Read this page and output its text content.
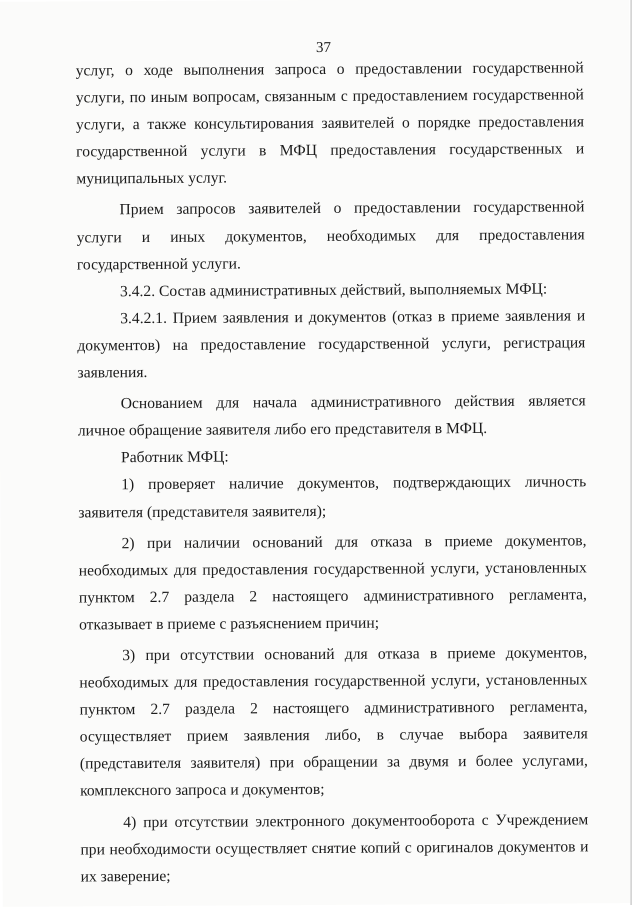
37

услуг, о ходе выполнения запроса о предоставлении государственной услуги, по иным вопросам, связанным с предоставлением государственной услуги, а также консультирования заявителей о порядке предоставления государственной услуги в МФЦ предоставления государственных и муниципальных услуг.

Прием запросов заявителей о предоставлении государственной услуги и иных документов, необходимых для предоставления государственной услуги.

3.4.2. Состав административных действий, выполняемых МФЦ:

3.4.2.1. Прием заявления и документов (отказ в приеме заявления и документов) на предоставление государственной услуги, регистрация заявления.

Основанием для начала административного действия является личное обращение заявителя либо его представителя в МФЦ.

Работник МФЦ:

1) проверяет наличие документов, подтверждающих личность заявителя (представителя заявителя);

2) при наличии оснований для отказа в приеме документов, необходимых для предоставления государственной услуги, установленных пунктом 2.7 раздела 2 настоящего административного регламента, отказывает в приеме с разъяснением причин;

3) при отсутствии оснований для отказа в приеме документов, необходимых для предоставления государственной услуги, установленных пунктом 2.7 раздела 2 настоящего административного регламента, осуществляет прием заявления либо, в случае выбора заявителя (представителя заявителя) при обращении за двумя и более услугами, комплексного запроса и документов;

4) при отсутствии электронного документооборота с Учреждением при необходимости осуществляет снятие копий с оригиналов документов и их заверение;
